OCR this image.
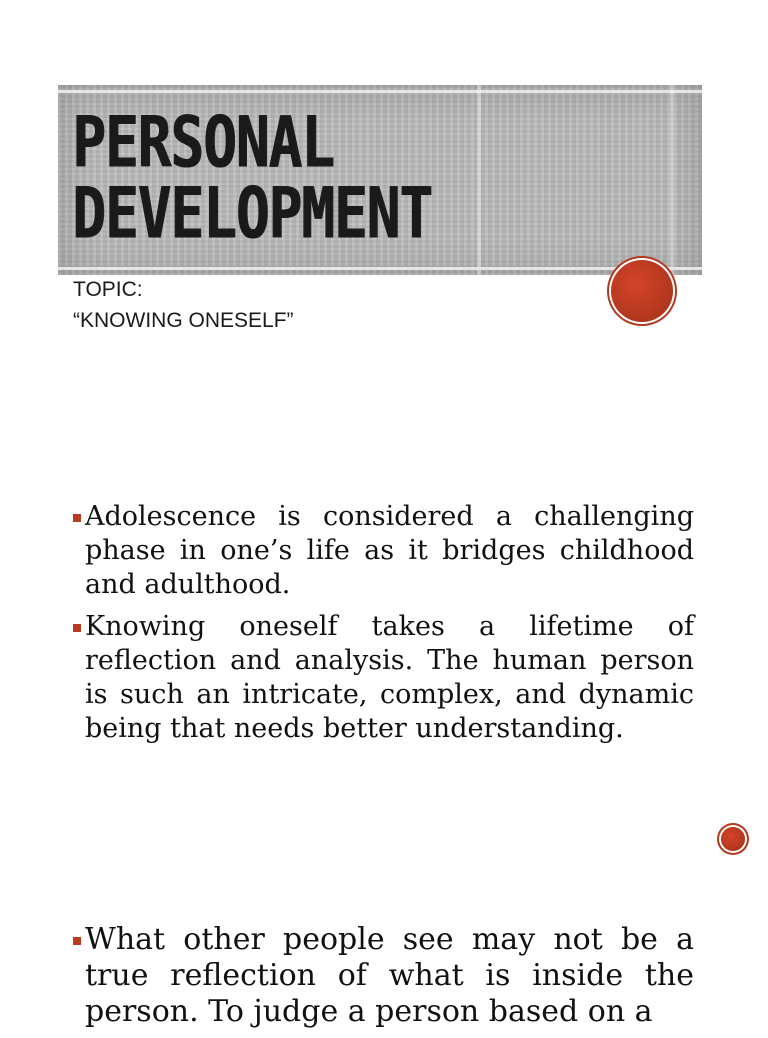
PERSONAL
DEVELOPMENT
TOPIC:
“KNOWING ONESELF”
Adolescence is considered a challenging phase in one’s life as it bridges childhood and adulthood.
Knowing oneself takes a lifetime of reflection and analysis. The human person is such an intricate, complex, and dynamic being that needs better understanding.
What other people see may not be a true reflection of what is inside the person. To judge a person based on a
